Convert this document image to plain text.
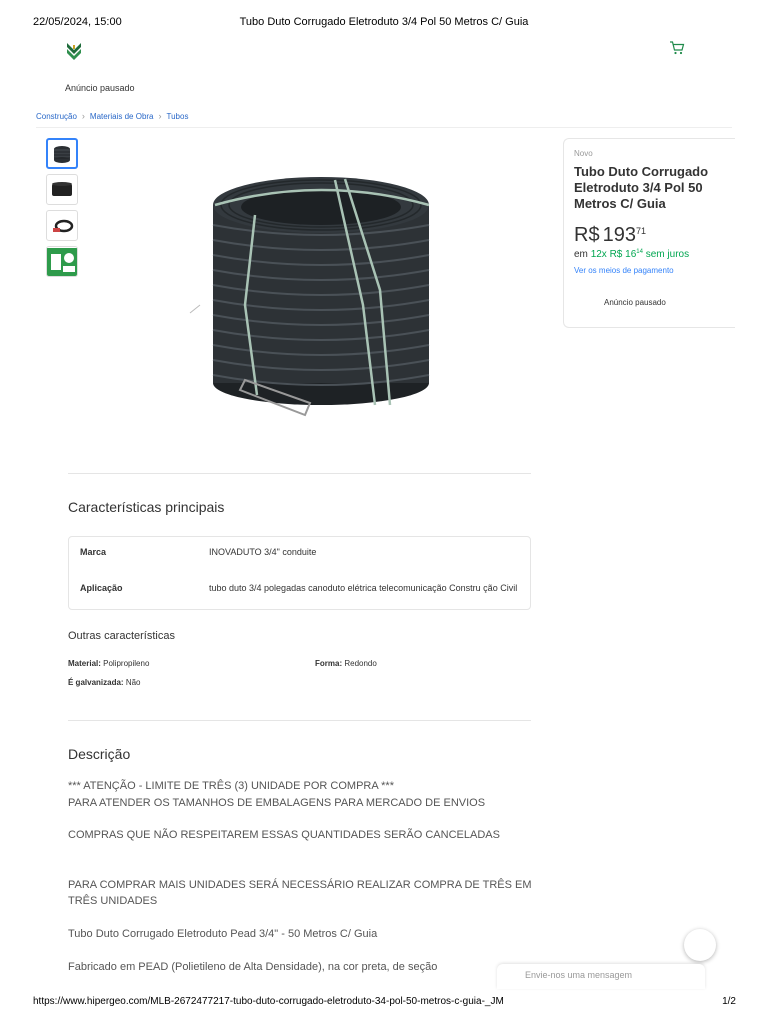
22/05/2024, 15:00	Tubo Duto Corrugado Eletroduto 3/4 Pol 50 Metros C/ Guia
Anúncio pausado
Construção › Materiais de Obra › Tubos
Novo
Tubo Duto Corrugado Eletroduto 3/4 Pol 50 Metros C/ Guia
R$ 193 71
em 12x R$ $16^{14}$ sem juros
Ver os meios de pagamento
Anúncio pausado
Características principais
Marca	INOVADUTO 3/4" conduite
Aplicação	tubo duto 3/4 polegadas canoduto elétrica telecomunicação Constru ção Civil
Outras características
Material: Polipropileno	Forma: Redondo
É galvanizada: Não
Descrição
*** ATENÇÃO - LIMITE DE TRÊS (3) UNIDADE POR COMPRA ***
PARA ATENDER OS TAMANHOS DE EMBALAGENS PARA MERCADO DE ENVIOS
COMPRAS QUE NÃO RESPEITAREM ESSAS QUANTIDADES SERÃO CANCELADAS
PARA COMPRAR MAIS UNIDADES SERÁ NECESSÁRIO REALIZAR COMPRA DE TRÊS EM TRÊS UNIDADES
Tubo Duto Corrugado Eletroduto Pead 3/4" - 50 Metros C/ Guia
Fabricado em PEAD (Polietileno de Alta Densidade), na cor preta, de seção
Envie-nos uma mensagem
https://www.hipergeo.com/MLB-2672477217-tubo-duto-corrugado-eletroduto-34-pol-50-metros-c-guia-_JM	1/2
